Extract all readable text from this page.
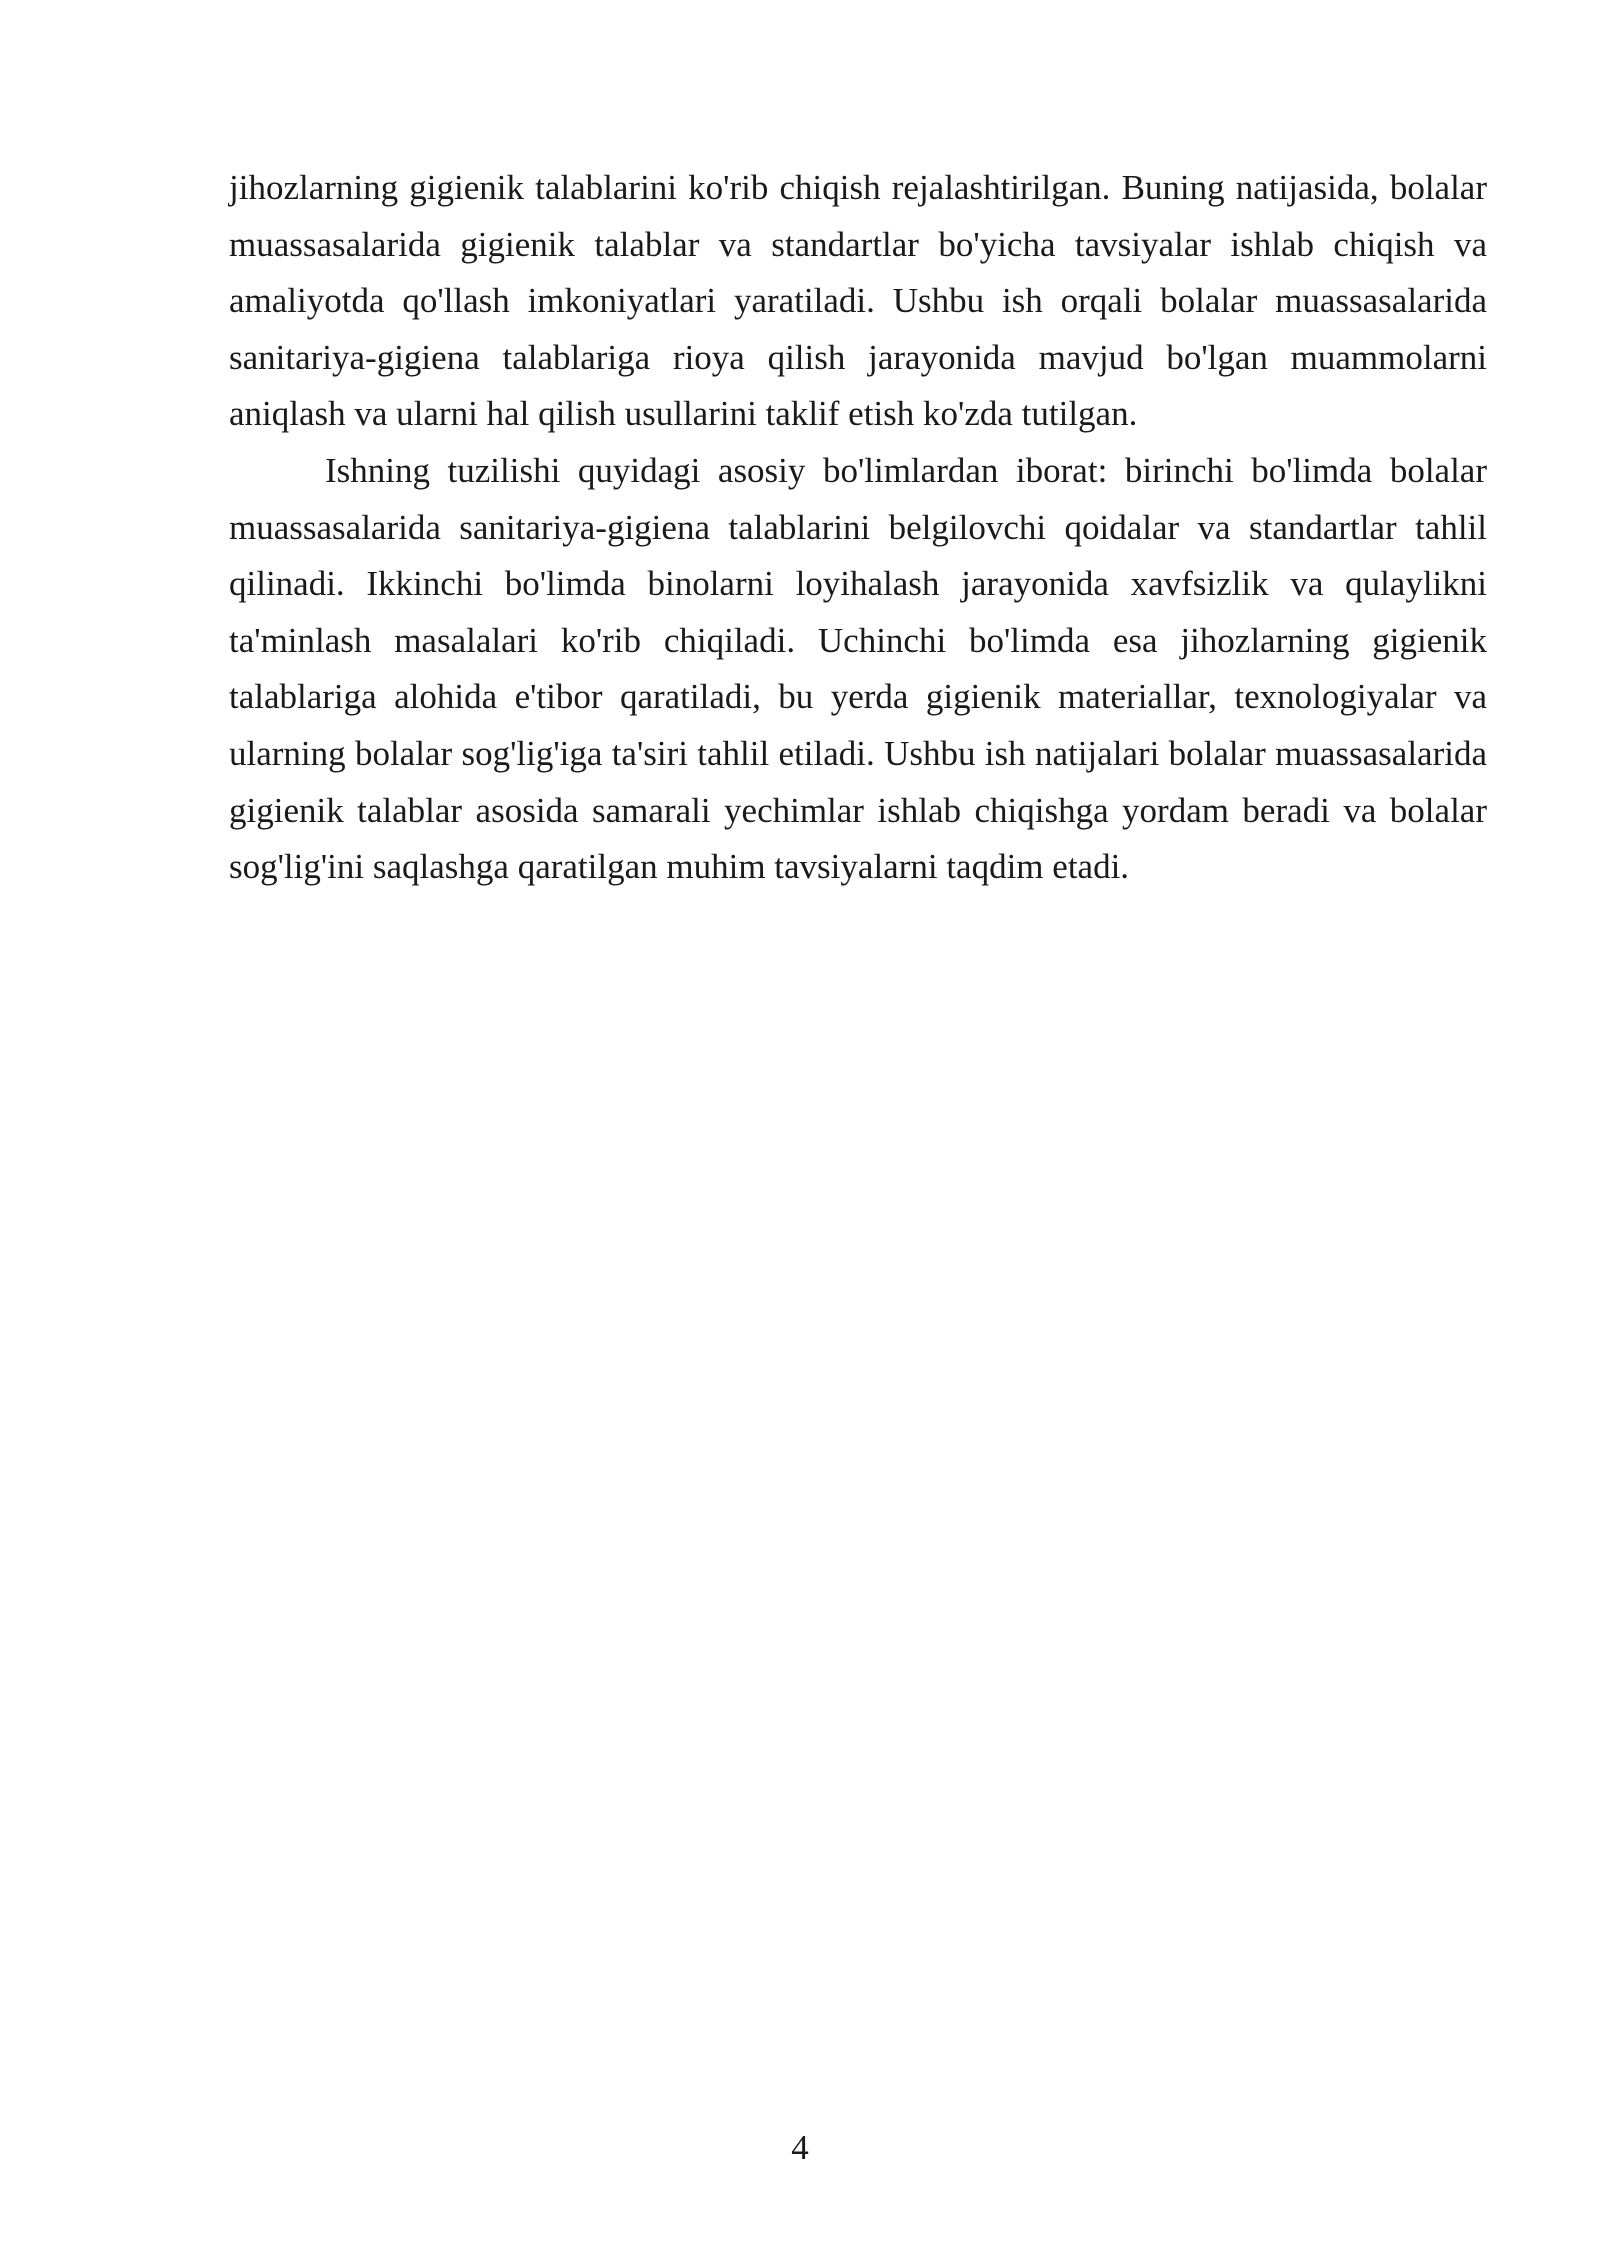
jihozlarning gigienik talablarini ko'rib chiqish rejalashtirilgan. Buning natijasida, bolalar muassasalarida gigienik talablar va standartlar bo'yicha tavsiyalar ishlab chiqish va amaliyotda qo'llash imkoniyatlari yaratiladi. Ushbu ish orqali bolalar muassasalarida sanitariya-gigiena talablariga rioya qilish jarayonida mavjud bo'lgan muammolarni aniqlash va ularni hal qilish usullarini taklif etish ko'zda tutilgan.

Ishning tuzilishi quyidagi asosiy bo'limlardan iborat: birinchi bo'limda bolalar muassasalarida sanitariya-gigiena talablarini belgilovchi qoidalar va standartlar tahlil qilinadi. Ikkinchi bo'limda binolarni loyihalash jarayonida xavfsizlik va qulaylikni ta'minlash masalalari ko'rib chiqiladi. Uchinchi bo'limda esa jihozlarning gigienik talablariga alohida e'tibor qaratiladi, bu yerda gigienik materiallar, texnologiyalar va ularning bolalar sog'lig'iga ta'siri tahlil etiladi. Ushbu ish natijalari bolalar muassasalarida gigienik talablar asosida samarali yechimlar ishlab chiqishga yordam beradi va bolalar sog'lig'ini saqlashga qaratilgan muhim tavsiyalarni taqdim etadi.

4
